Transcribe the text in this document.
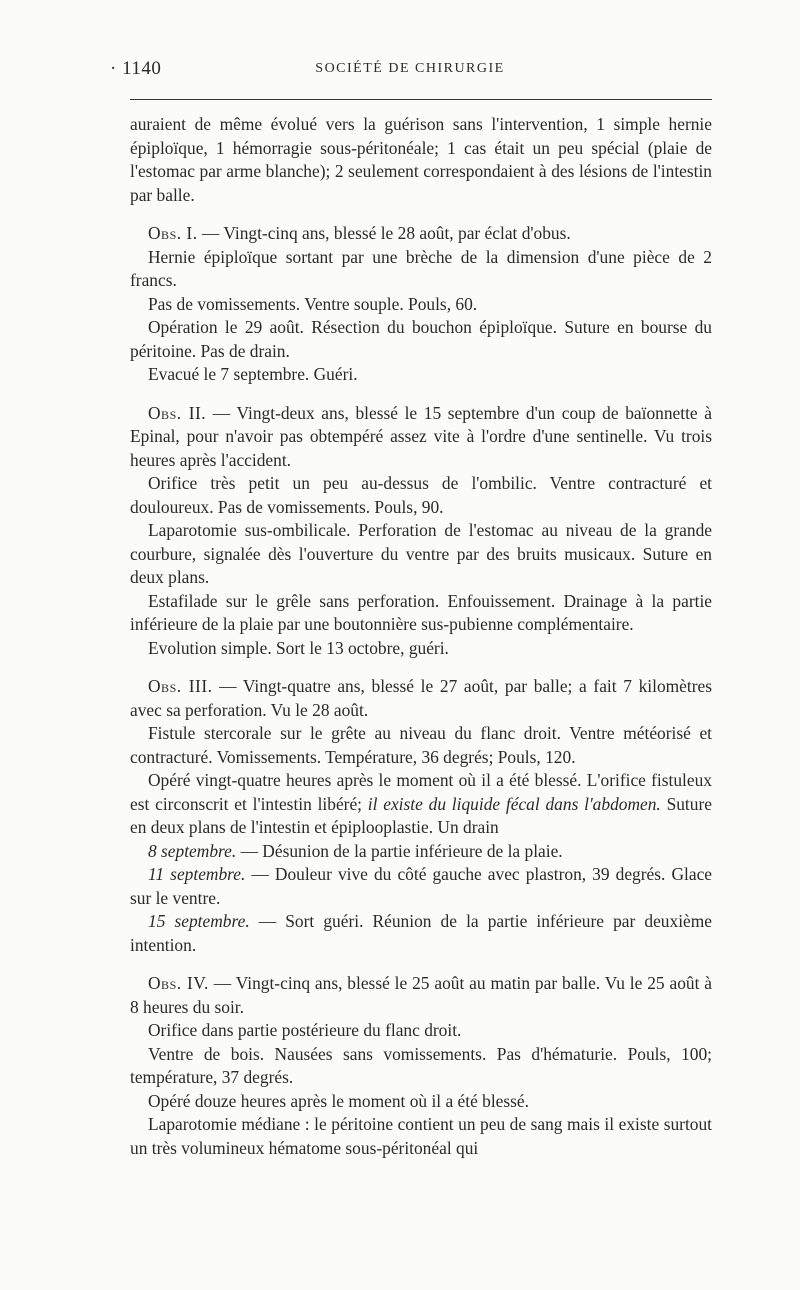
· 1140	SOCIÉTÉ DE CHIRURGIE

auraient de même évolué vers la guérison sans l'intervention, 1 simple hernie épiploïque, 1 hémorragie sous-péritonéale; 1 cas était un peu spécial (plaie de l'estomac par arme blanche); 2 seulement correspondaient à des lésions de l'intestin par balle.

Obs. I. — Vingt-cinq ans, blessé le 28 août, par éclat d'obus.

Hernie épiploïque sortant par une brèche de la dimension d'une pièce de 2 francs.

Pas de vomissements. Ventre souple. Pouls, 60.

Opération le 29 août. Résection du bouchon épiploïque. Suture en bourse du péritoine. Pas de drain.

Evacué le 7 septembre. Guéri.

Obs. II. — Vingt-deux ans, blessé le 15 septembre d'un coup de baïonnette à Epinal, pour n'avoir pas obtempéré assez vite à l'ordre d'une sentinelle. Vu trois heures après l'accident.

Orifice très petit un peu au-dessus de l'ombilic. Ventre contracturé et douloureux. Pas de vomissements. Pouls, 90.

Laparotomie sus-ombilicale. Perforation de l'estomac au niveau de la grande courbure, signalée dès l'ouverture du ventre par des bruits musicaux. Suture en deux plans.

Estafilade sur le grêle sans perforation. Enfouissement. Drainage à la partie inférieure de la plaie par une boutonnière sus-pubienne complémentaire.

Evolution simple. Sort le 13 octobre, guéri.

Obs. III. — Vingt-quatre ans, blessé le 27 août, par balle; a fait 7 kilomètres avec sa perforation. Vu le 28 août.

Fistule stercorale sur le grête au niveau du flanc droit. Ventre météorisé et contracturé. Vomissements. Température, 36 degrés; Pouls, 120.

Opéré vingt-quatre heures après le moment où il a été blessé. L'orifice fistuleux est circonscrit et l'intestin libéré; il existe du liquide fécal dans l'abdomen. Suture en deux plans de l'intestin et épiplooplastie. Un drain

8 septembre. — Désunion de la partie inférieure de la plaie.

11 septembre. — Douleur vive du côté gauche avec plastron, 39 degrés. Glace sur le ventre.

15 septembre. — Sort guéri. Réunion de la partie inférieure par deuxième intention.

Obs. IV. — Vingt-cinq ans, blessé le 25 août au matin par balle. Vu le 25 août à 8 heures du soir.

Orifice dans partie postérieure du flanc droit.

Ventre de bois. Nausées sans vomissements. Pas d'hématurie. Pouls, 100; température, 37 degrés.

Opéré douze heures après le moment où il a été blessé.

Laparotomie médiane : le péritoine contient un peu de sang mais il existe surtout un très volumineux hématome sous-péritonéal qui
